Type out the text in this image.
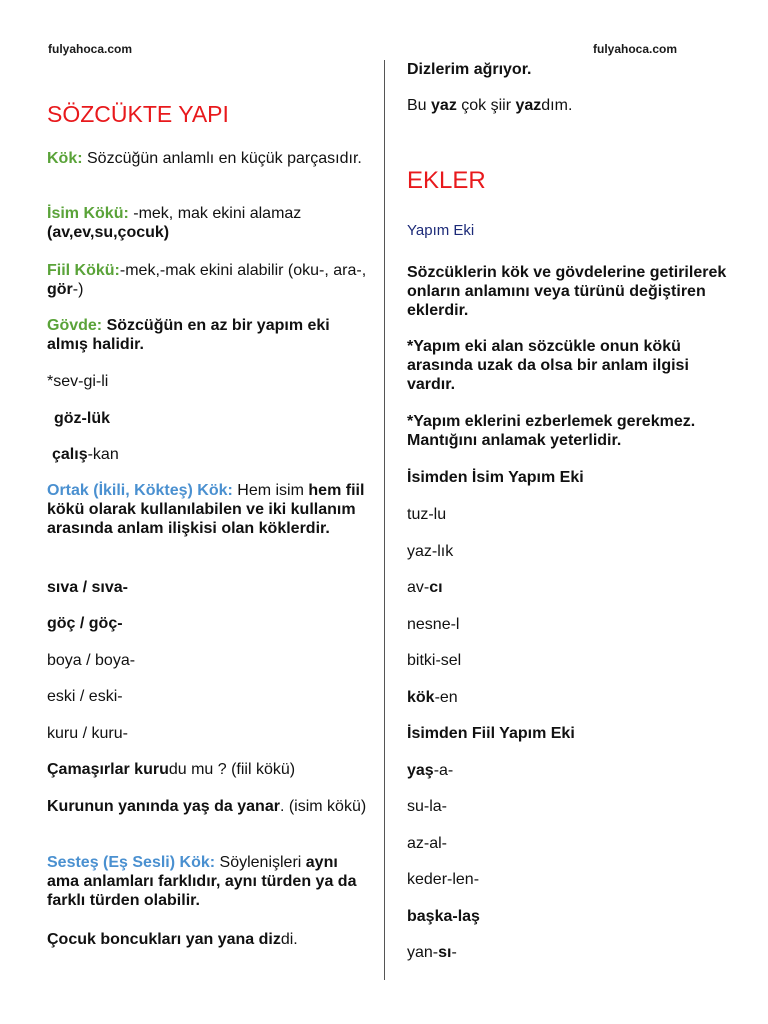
fulyahoca.com	fulyahoca.com

SÖZCÜKTE YAPI

Kök: Sözcüğün anlamlı en küçük parçasıdır.

İsim Kökü: -mek, mak ekini alamaz (av,ev,su,çocuk)

Fiil Kökü:-mek,-mak ekini alabilir (oku-, ara-, gör-)

Gövde: Sözcüğün en az bir yapım eki almış halidir.

*sev-gi-li

göz-lük

çalış-kan

Ortak (İkili, Kökteş) Kök: Hem isim hem fiil kökü olarak kullanılabilen ve iki kullanım arasında anlam ilişkisi olan köklerdir.

sıva / sıva-

göç / göç-

boya / boya-

eski / eski-

kuru / kuru-

Çamaşırlar kurudu mu ? (fiil kökü)

Kurunun yanında yaş da yanar. (isim kökü)

Sesteş (Eş Sesli) Kök: Söylenişleri aynı ama anlamları farklıdır, aynı türden ya da farklı türden olabilir.

Çocuk boncukları yan yana dizdi.

Dizlerim ağrıyor.

Bu yaz çok şiir yazdım.

EKLER

Yapım Eki

Sözcüklerin kök ve gövdelerine getirilerek onların anlamını veya türünü değiştiren eklerdir.

*Yapım eki alan sözcükle onun kökü arasında uzak da olsa bir anlam ilgisi vardır.

*Yapım eklerini ezberlemek gerekmez. Mantığını anlamak yeterlidir.

İsimden İsim Yapım Eki

tuz-lu

yaz-lık

av-cı

nesne-l

bitki-sel

kök-en

İsimden Fiil Yapım Eki

yaş-a-

su-la-

az-al-

keder-len-

başka-laş

yan-sı-
